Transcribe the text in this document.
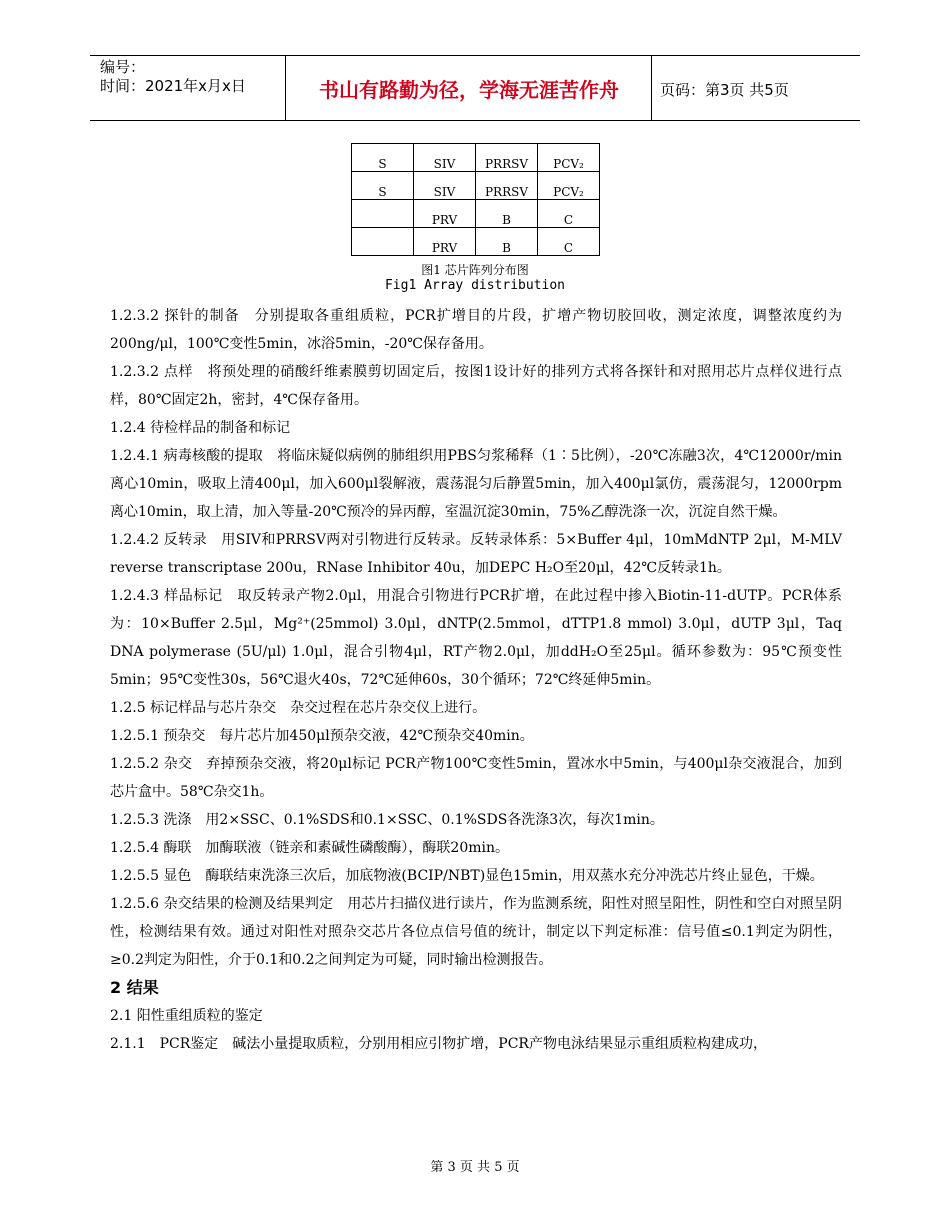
编号：
时间：2021年x月x日	书山有路勤为径，学海无涯苦作舟	页码：第3页 共5页
S	SIV	PRRSV	PCV₂
S	SIV	PRRSV	PCV₂
	PRV	B	C
	PRV	B	C
图1 芯片阵列分布图
Fig1 Array distribution

1.2.3.2 探针的制备　分别提取各重组质粒，PCR扩增目的片段，扩增产物切胶回收，测定浓度，调整浓度约为200ng/μl，100℃变性5min，冰浴5min，-20℃保存备用。

1.2.3.2 点样　将预处理的硝酸纤维素膜剪切固定后，按图1设计好的排列方式将各探针和对照用芯片点样仪进行点样，80℃固定2h，密封，4℃保存备用。

1.2.4 待检样品的制备和标记

1.2.4.1 病毒核酸的提取　将临床疑似病例的肺组织用PBS匀浆稀释（1∶5比例），-20℃冻融3次，4℃12000r/min离心10min，吸取上清400μl，加入600μl裂解液，震荡混匀后静置5min，加入400μl氯仿，震荡混匀，12000rpm离心10min，取上清，加入等量-20℃预冷的异丙醇，室温沉淀30min，75%乙醇洗涤一次，沉淀自然干燥。

1.2.4.2 反转录　用SIV和PRRSV两对引物进行反转录。反转录体系：5×Buffer 4μl，10mMdNTP 2μl，M-MLV reverse transcriptase 200u，RNase Inhibitor 40u，加DEPC H₂O至20μl，42℃反转录1h。

1.2.4.3 样品标记　取反转录产物2.0μl，用混合引物进行PCR扩增，在此过程中掺入Biotin-11-dUTP。PCR体系为：10×Buffer 2.5μl，Mg²⁺(25mmol) 3.0μl，dNTP(2.5mmol，dTTP1.8 mmol) 3.0μl，dUTP 3μl，Taq DNA polymerase (5U/μl) 1.0μl，混合引物4μl，RT产物2.0μl，加ddH₂O至25μl。循环参数为：95℃预变性5min；95℃变性30s，56℃退火40s，72℃延伸60s，30个循环；72℃终延伸5min。

1.2.5 标记样品与芯片杂交　杂交过程在芯片杂交仪上进行。

1.2.5.1 预杂交　每片芯片加450μl预杂交液，42℃预杂交40min。

1.2.5.2 杂交　弃掉预杂交液，将20μl标记 PCR产物100℃变性5min，置冰水中5min，与400μl杂交液混合，加到芯片盒中。58℃杂交1h。

1.2.5.3 洗涤　用2×SSC、0.1%SDS和0.1×SSC、0.1%SDS各洗涤3次，每次1min。

1.2.5.4 酶联　加酶联液（链亲和素碱性磷酸酶），酶联20min。

1.2.5.5 显色　酶联结束洗涤三次后，加底物液(BCIP/NBT)显色15min，用双蒸水充分冲洗芯片终止显色，干燥。

1.2.5.6 杂交结果的检测及结果判定　用芯片扫描仪进行读片，作为监测系统，阳性对照呈阳性，阴性和空白对照呈阴性，检测结果有效。通过对阳性对照杂交芯片各位点信号值的统计，制定以下判定标准：信号值≤0.1判定为阴性，≥0.2判定为阳性，介于0.1和0.2之间判定为可疑，同时输出检测报告。

2 结果

2.1 阳性重组质粒的鉴定

2.1.1　PCR鉴定　碱法小量提取质粒，分别用相应引物扩增，PCR产物电泳结果显示重组质粒构建成功，

第 3 页 共 5 页
